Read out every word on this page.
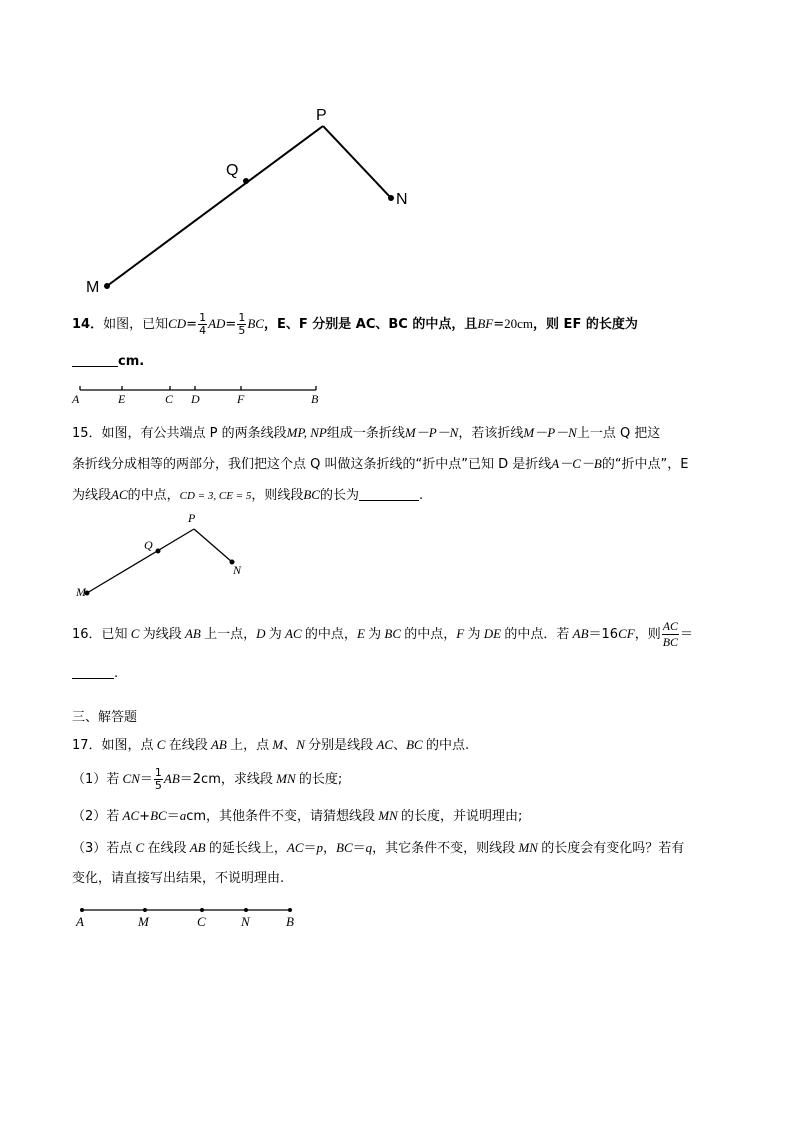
P
Q
N
M
14．如图，已知$CD= \frac{1}{4} AD= \frac{1}{5}$ BC，E、F 分别是 AC、BC 的中点，且BF=20cm，则 EF 的长度为
cm.
A	E	C D	F	B
15．如图，有公共端点 P 的两条线段MP, NP组成一条折线M－P－N，若该折线M－P－N上一点 Q 把这
条折线分成相等的两部分，我们把这个点 Q 叫做这条折线的“折中点”已知 D 是折线A－C－B的“折中点”，E
为线段AC的中点，CD = 3, CE = 5，则线段BC的长为	.
P
Q
N
M
16．已知 C 为线段 AB 上一点，D 为 AC 的中点，E 为 BC 的中点，F 为 DE 的中点．若 AB＝16CF，则 $\frac{AC}{BC}$ ＝
.
三、解答题
17．如图，点 C 在线段 AB 上，点 M、N 分别是线段 AC、BC 的中点.
（1）若 $CN= \frac{1}{5} AB=2cm$，求线段 MN 的长度;
（2）若 AC+BC＝acm，其他条件不变，请猜想线段 MN 的长度，并说明理由;
（3）若点 C 在线段 AB 的延长线上，AC＝p，BC＝q，其它条件不变，则线段 MN 的长度会有变化吗？若有
变化，请直接写出结果，不说明理由.
A	M	C	N	B
